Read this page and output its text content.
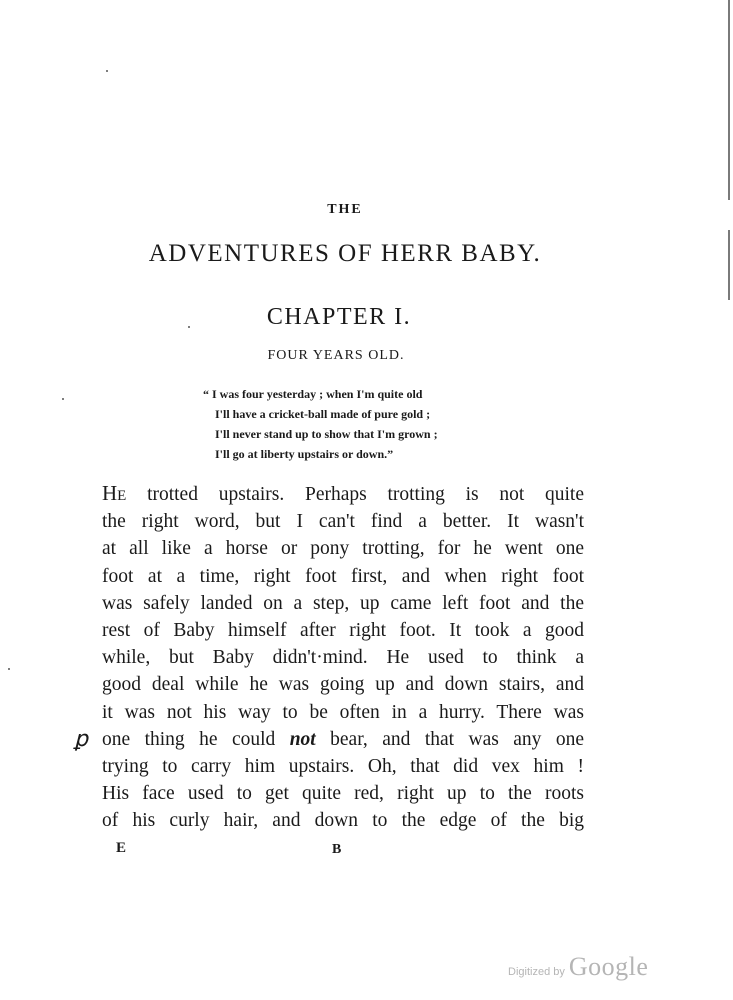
THE
ADVENTURES OF HERR BABY.
CHAPTER I.
FOUR YEARS OLD.
“ I was four yesterday ; when I'm quite old
I'll have a cricket-ball made of pure gold ;
I'll never stand up to show that I'm grown ;
I'll go at liberty upstairs or down.”
He trotted upstairs. Perhaps trotting is not quite
the right word, but I can't find a better. It wasn't
at all like a horse or pony trotting, for he went one
foot at a time, right foot first, and when right foot
was safely landed on a step, up came left foot and the
rest of Baby himself after right foot. It took a good
while, but Baby didn't·mind. He used to think a
good deal while he was going up and down stairs, and
it was not his way to be often in a hurry. There was
one thing he could not bear, and that was any one
trying to carry him upstairs. Oh, that did vex him !
His face used to get quite red, right up to the roots
of his curly hair, and down to the edge of the big
ꝑ
E	B
Digitized by Google
